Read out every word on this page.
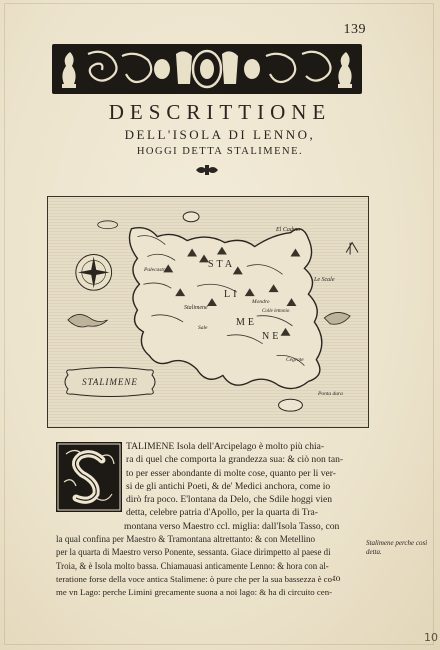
139
DESCRITTIONE
DELL'ISOLA DI LENNO,
HOGGI DETTA STALIMENE.
El Cadmo
STA
LI
ME
NE
Le Scale
Palecastro
Stalimene
Mondro
Sale
Colle lettonio
Cegrate
Ponta dura
STALIMENE
TALIMENE Isola dell'Arcipelago è molto più chia-
ra di quel che comporta la grandezza sua: & ciò non tan-
to per esser abondante di molte cose, quanto per li ver-
si de gli antichi Poeti, & de' Medici anchora, come io
dirò fra poco. E'lontana da Delo, che Sdile hoggi vien
detta, celebre patria d'Apollo, per la quarta di Tra-
montana verso Maestro ccl. miglia: dall'Isola Tasso, con
la qual confina per Maestro & Tramontana altrettanto: & con Metellino
per la quarta di Maestro verso Ponente, sessanta. Giace dirimpetto al paese di
Troia, & è Isola molto bassa. Chiamauasi anticamente Lenno: & hora con al-
teratione forse della voce antica Stalimene: ò pure che per la sua bassezza è co-
me vn Lago: perche Limini grecamente suona a noi lago: & ha di circuito cen-
to
Stalimene perche così detta.
10
